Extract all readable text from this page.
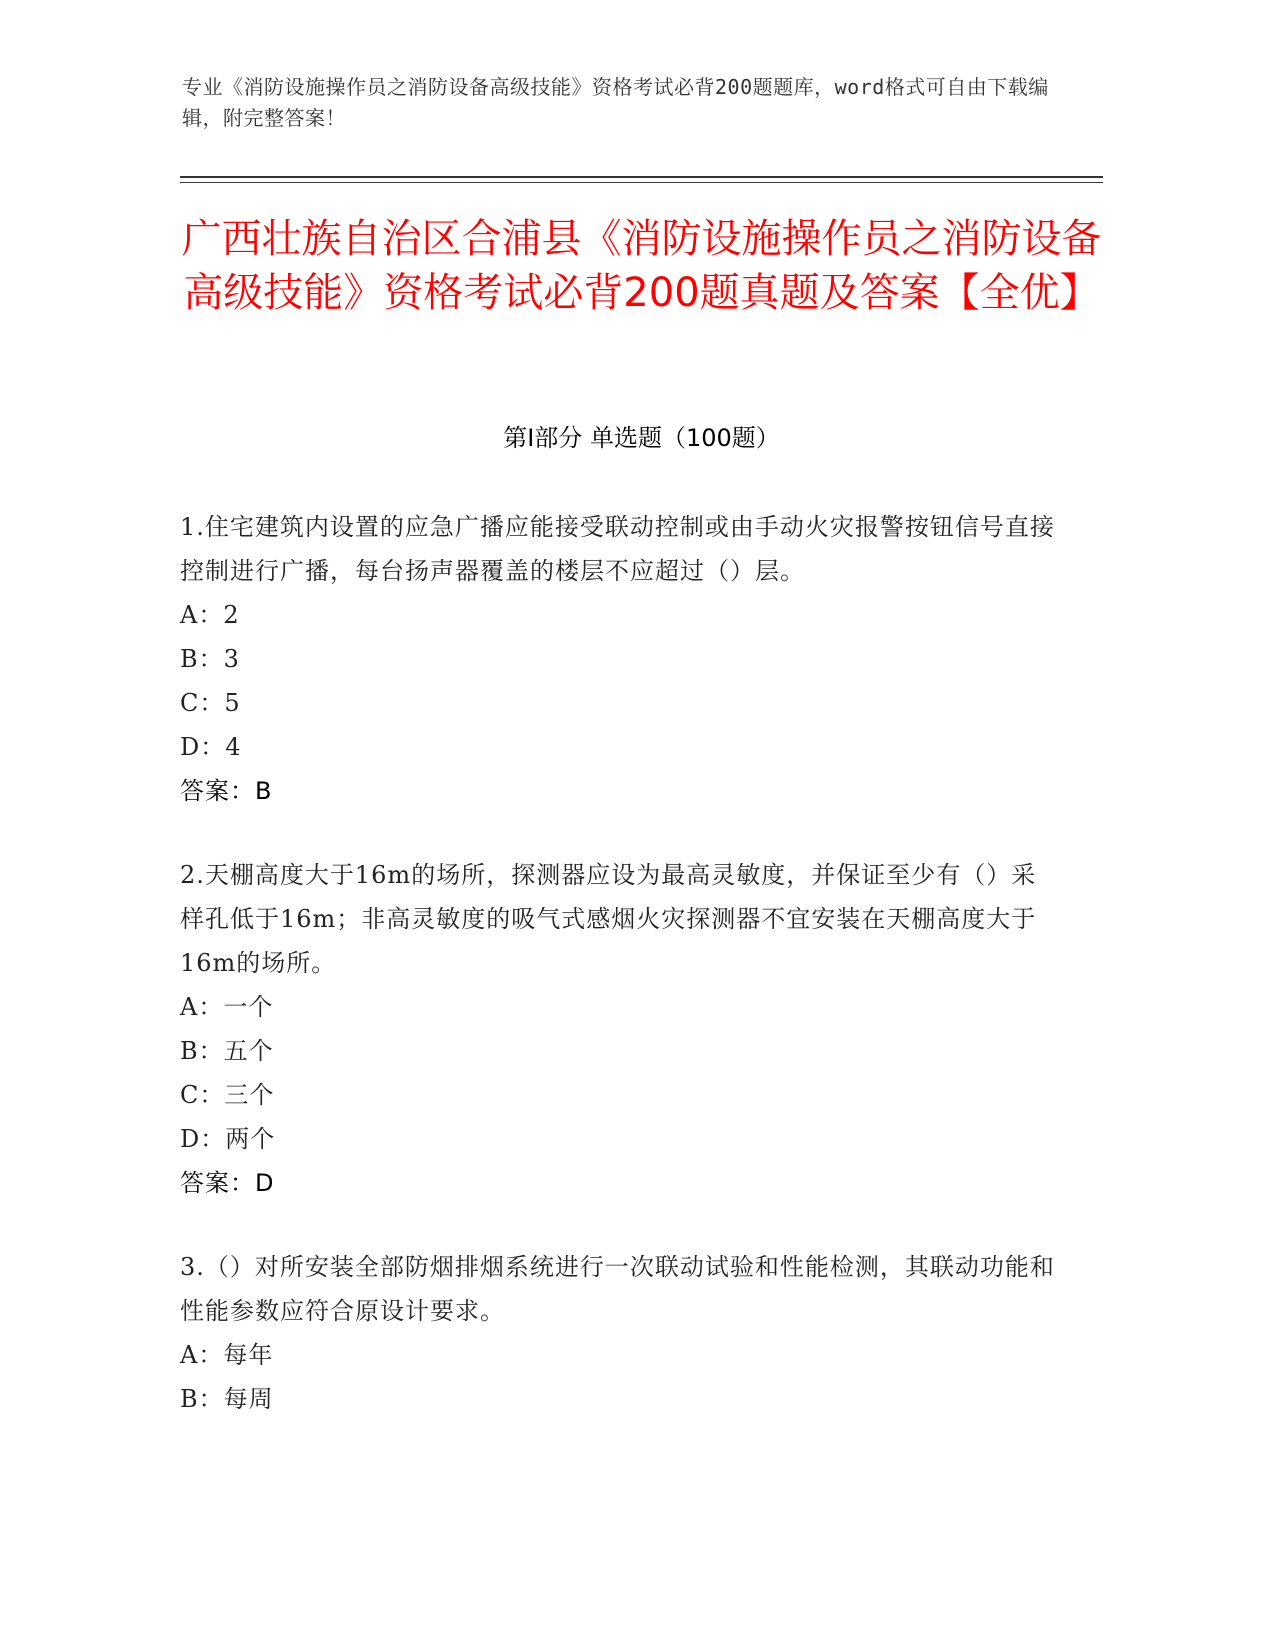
专业《消防设施操作员之消防设备高级技能》资格考试必背200题题库，word格式可自由下载编辑，附完整答案！
广西壮族自治区合浦县《消防设施操作员之消防设备高级技能》资格考试必背200题真题及答案【全优】
第I部分 单选题（100题）

1.住宅建筑内设置的应急广播应能接受联动控制或由手动火灾报警按钮信号直接控制进行广播，每台扬声器覆盖的楼层不应超过（）层。

A：2

B：3

C：5

D：4

答案：B

2.天棚高度大于16m的场所，探测器应设为最高灵敏度，并保证至少有（）采样孔低于16m；非高灵敏度的吸气式感烟火灾探测器不宜安装在天棚高度大于16m的场所。

A：一个

B：五个

C：三个

D：两个

答案：D

3.（）对所安装全部防烟排烟系统进行一次联动试验和性能检测，其联动功能和性能参数应符合原设计要求。

A：每年

B：每周
